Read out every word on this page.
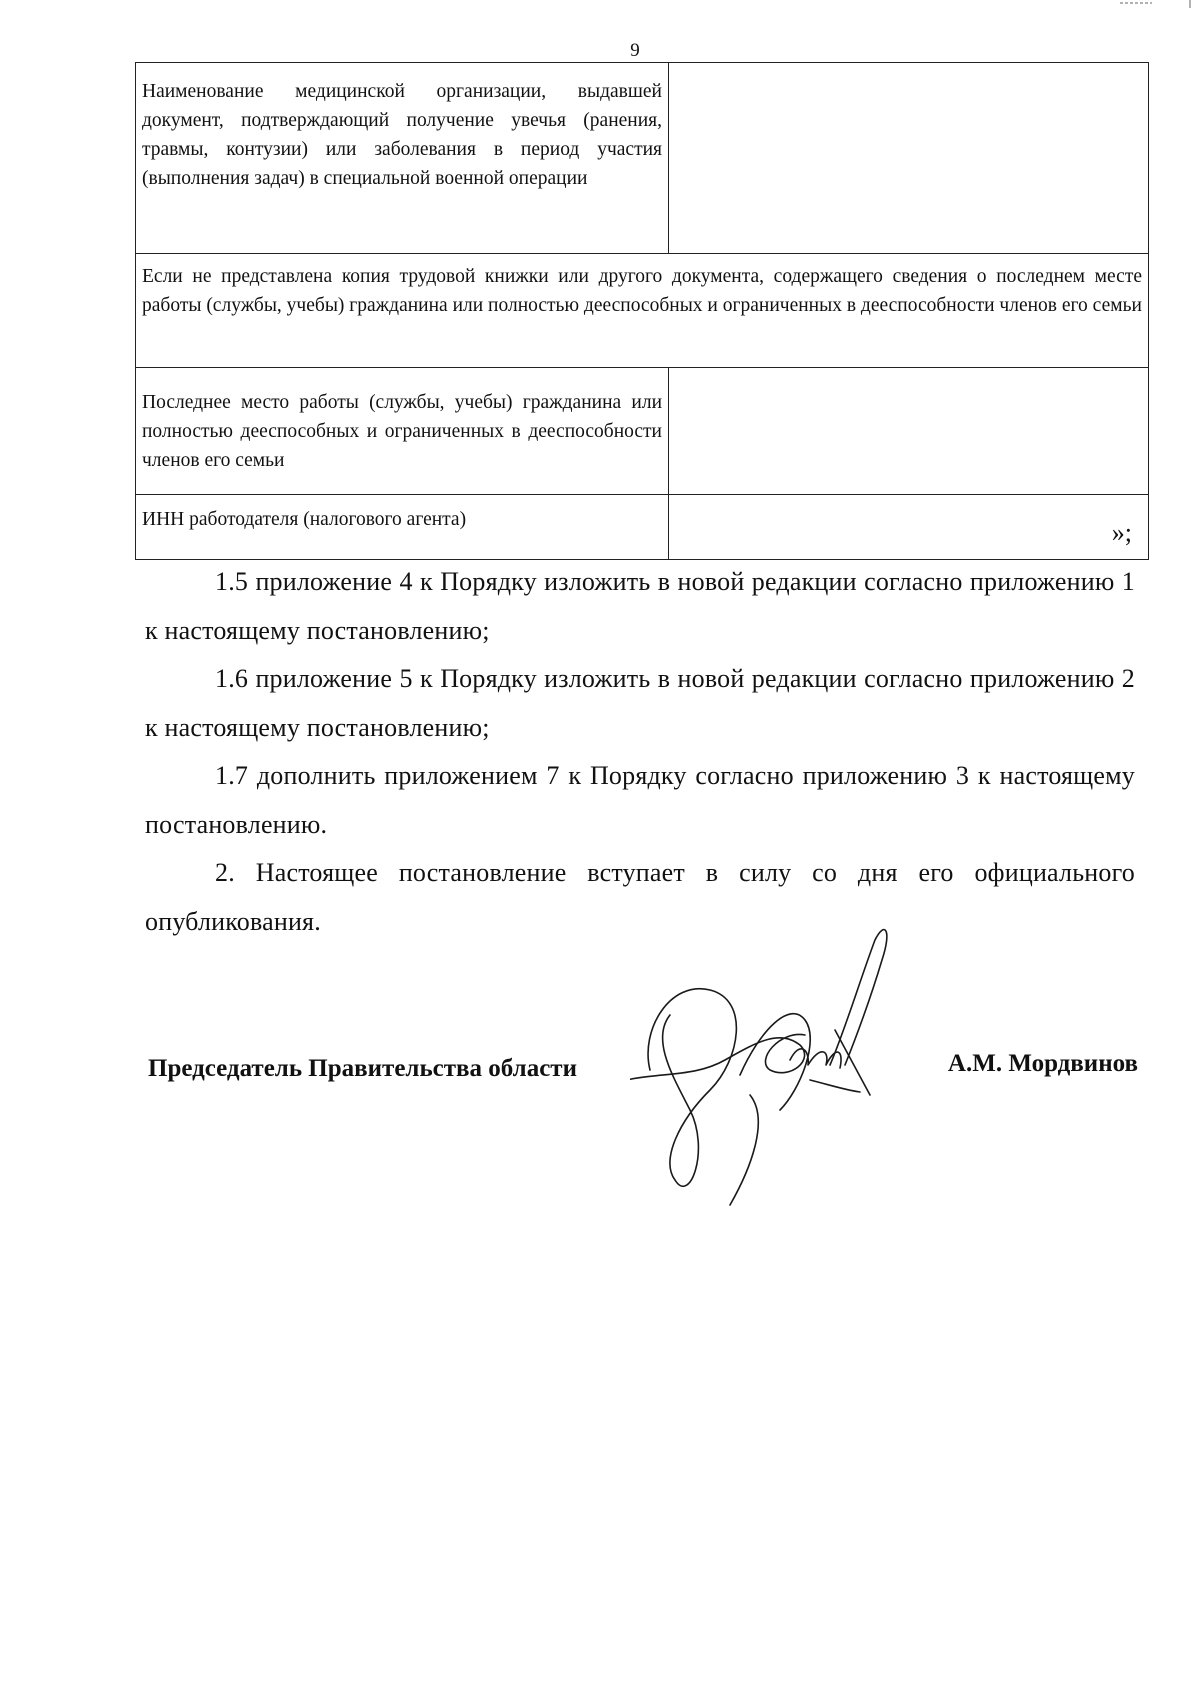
9
Наименование медицинской организации, выдавшей документ, подтверждающий получение увечья (ранения, травмы, контузии) или заболевания в период участия (выполнения задач) в специальной военной операции	
Если не представлена копия трудовой книжки или другого документа, содержащего сведения о последнем месте работы (службы, учебы) гражданина или полностью дееспособных и ограниченных в дееспособности членов его семьи	
Последнее место работы (службы, учебы) гражданина или полностью дееспособных и ограниченных в дееспособности членов его семьи	
ИНН работодателя (налогового агента)		»;

1.5 приложение 4 к Порядку изложить в новой редакции согласно приложению 1 к настоящему постановлению;

1.6 приложение 5 к Порядку изложить в новой редакции согласно приложению 2 к настоящему постановлению;

1.7 дополнить приложением 7 к Порядку согласно приложению 3 к настоящему постановлению.

2. Настоящее постановление вступает в силу со дня его официального опубликования.

Председатель Правительства области	А.М. Мордвинов
